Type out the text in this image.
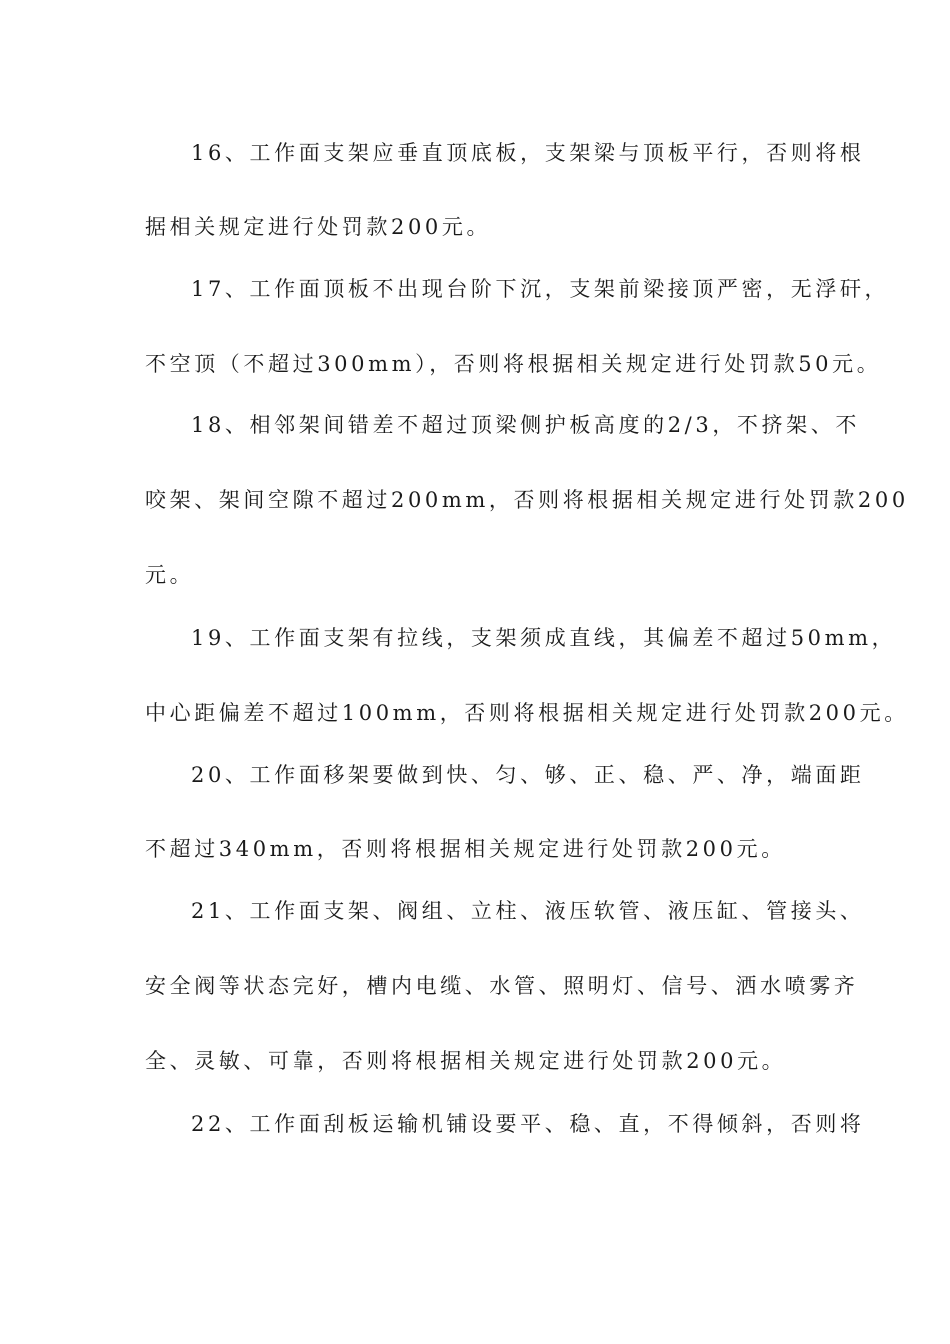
16、工作面支架应垂直顶底板，支架梁与顶板平行，否则将根
据相关规定进行处罚款200元。
17、工作面顶板不出现台阶下沉，支架前梁接顶严密，无浮矸，
不空顶（不超过300mm），否则将根据相关规定进行处罚款50元。
18、相邻架间错差不超过顶梁侧护板高度的2/3，不挤架、不
咬架、架间空隙不超过200mm，否则将根据相关规定进行处罚款200
元。
19、工作面支架有拉线，支架须成直线，其偏差不超过50mm，
中心距偏差不超过100mm，否则将根据相关规定进行处罚款200元。
20、工作面移架要做到快、匀、够、正、稳、严、净，端面距
不超过340mm，否则将根据相关规定进行处罚款200元。
21、工作面支架、阀组、立柱、液压软管、液压缸、管接头、
安全阀等状态完好，槽内电缆、水管、照明灯、信号、洒水喷雾齐
全、灵敏、可靠，否则将根据相关规定进行处罚款200元。
22、工作面刮板运输机铺设要平、稳、直，不得倾斜，否则将
